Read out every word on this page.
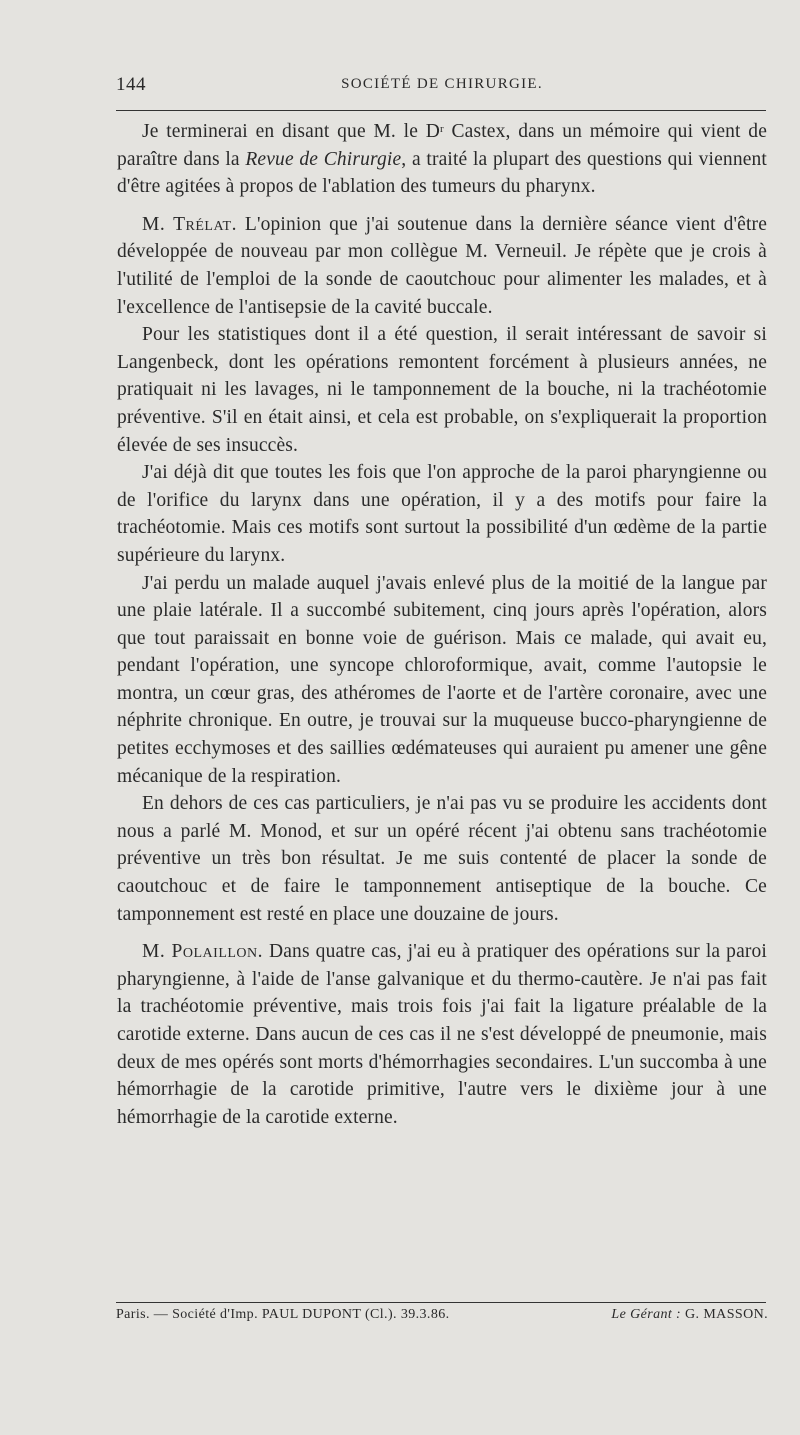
144	SOCIÉTÉ DE CHIRURGIE.

Je terminerai en disant que M. le $D^r$ Castex, dans un mémoire qui vient de paraître dans la Revue de Chirurgie, a traité la plupart des questions qui viennent d'être agitées à propos de l'ablation des tumeurs du pharynx.

M. Trélat. L'opinion que j'ai soutenue dans la dernière séance vient d'être développée de nouveau par mon collègue M. Verneuil. Je répète que je crois à l'utilité de l'emploi de la sonde de caoutchouc pour alimenter les malades, et à l'excellence de l'antisepsie de la cavité buccale.

Pour les statistiques dont il a été question, il serait intéressant de savoir si Langenbeck, dont les opérations remontent forcément à plusieurs années, ne pratiquait ni les lavages, ni le tamponnement de la bouche, ni la trachéotomie préventive. S'il en était ainsi, et cela est probable, on s'expliquerait la proportion élevée de ses insuccès.

J'ai déjà dit que toutes les fois que l'on approche de la paroi pharyngienne ou de l'orifice du larynx dans une opération, il y a des motifs pour faire la trachéotomie. Mais ces motifs sont surtout la possibilité d'un œdème de la partie supérieure du larynx.

J'ai perdu un malade auquel j'avais enlevé plus de la moitié de la langue par une plaie latérale. Il a succombé subitement, cinq jours après l'opération, alors que tout paraissait en bonne voie de guérison. Mais ce malade, qui avait eu, pendant l'opération, une syncope chloroformique, avait, comme l'autopsie le montra, un cœur gras, des athéromes de l'aorte et de l'artère coronaire, avec une néphrite chronique. En outre, je trouvai sur la muqueuse bucco-pharyngienne de petites ecchymoses et des saillies œdémateuses qui auraient pu amener une gêne mécanique de la respiration.

En dehors de ces cas particuliers, je n'ai pas vu se produire les accidents dont nous a parlé M. Monod, et sur un opéré récent j'ai obtenu sans trachéotomie préventive un très bon résultat. Je me suis contenté de placer la sonde de caoutchouc et de faire le tamponnement antiseptique de la bouche. Ce tamponnement est resté en place une douzaine de jours.

M. Polaillon. Dans quatre cas, j'ai eu à pratiquer des opérations sur la paroi pharyngienne, à l'aide de l'anse galvanique et du thermo-cautère. Je n'ai pas fait la trachéotomie préventive, mais trois fois j'ai fait la ligature préalable de la carotide externe. Dans aucun de ces cas il ne s'est développé de pneumonie, mais deux de mes opérés sont morts d'hémorrhagies secondaires. L'un succomba à une hémorrhagie de la carotide primitive, l'autre vers le dixième jour à une hémorrhagie de la carotide externe.

Paris. — Société d'Imp. PAUL DUPONT (Cl.). 39.3.86.	Le Gérant : G. MASSON.
